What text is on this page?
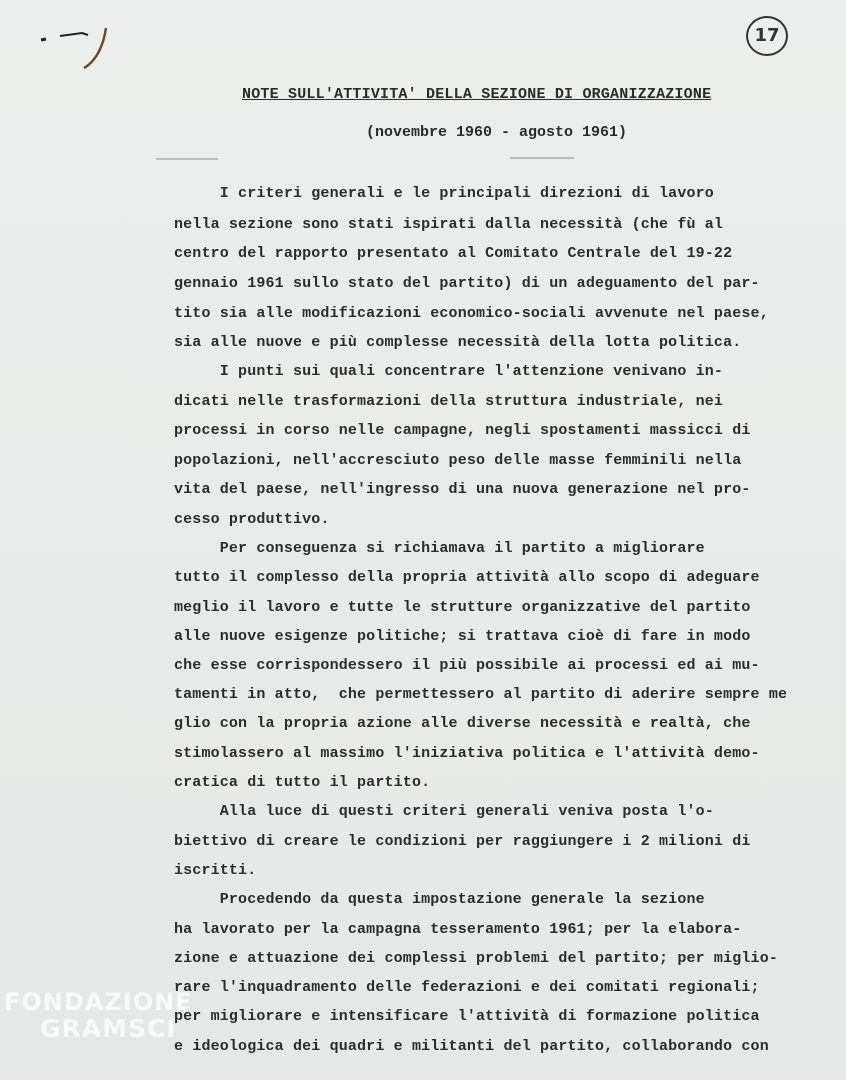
17
NOTE SULL'ATTIVITA' DELLA SEZIONE DI ORGANIZZAZIONE
(novembre 1960 - agosto 1961)
I criteri generali e le principali direzioni di lavoro
nella sezione sono stati ispirati dalla necessità (che fù al
centro del rapporto presentato al Comitato Centrale del 19-22
gennaio 1961 sullo stato del partito) di un adeguamento del par-
tito sia alle modificazioni economico-sociali avvenute nel paese,
sia alle nuove e più complesse necessità della lotta politica.
I punti sui quali concentrare l'attenzione venivano in-
dicati nelle trasformazioni della struttura industriale, nei
processi in corso nelle campagne, negli spostamenti massicci di
popolazioni, nell'accresciuto peso delle masse femminili nella
vita del paese, nell'ingresso di una nuova generazione nel pro-
cesso produttivo.
Per conseguenza si richiamava il partito a migliorare
tutto il complesso della propria attività allo scopo di adeguare
meglio il lavoro e tutte le strutture organizzative del partito
alle nuove esigenze politiche; si trattava cioè di fare in modo
che esse corrispondessero il più possibile ai processi ed ai mu-
tamenti in atto,  che permettessero al partito di aderire sempre me
glio con la propria azione alle diverse necessità e realtà, che
stimolassero al massimo l'iniziativa politica e l'attività demo-
cratica di tutto il partito.
Alla luce di questi criteri generali veniva posta l'o-
biettivo di creare le condizioni per raggiungere i 2 milioni di
iscritti.
Procedendo da questa impostazione generale la sezione
ha lavorato per la campagna tesseramento 1961; per la elabora-
zione e attuazione dei complessi problemi del partito; per miglio-
rare l'inquadramento delle federazioni e dei comitati regionali;
per migliorare e intensificare l'attività di formazione politica
e ideologica dei quadri e militanti del partito, collaborando con
FONDAZIONE
GRAMSCI
